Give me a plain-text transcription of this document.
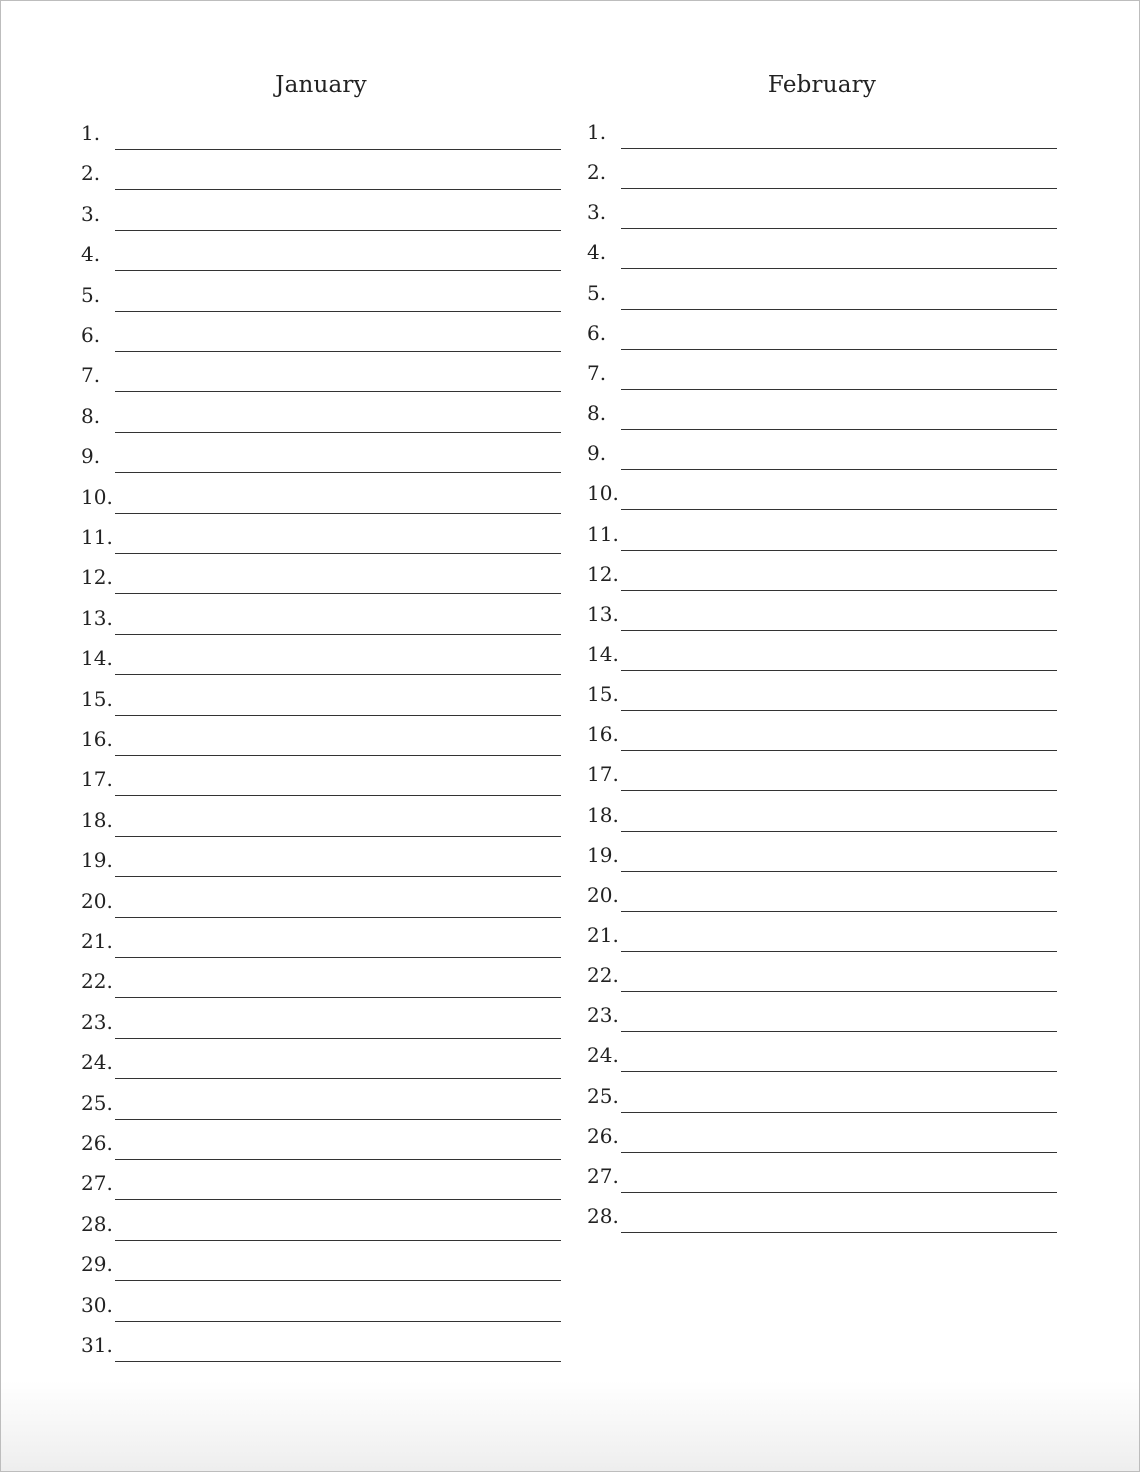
January	February
1.
2.
3.
4.
5.
6.
7.
8.
9.
10.
11.
12.
13.
14.
15.
16.
17.
18.
19.
20.
21.
22.
23.
24.
25.
26.
27.
28.
29.
30.
31.
1.
2.
3.
4.
5.
6.
7.
8.
9.
10.
11.
12.
13.
14.
15.
16.
17.
18.
19.
20.
21.
22.
23.
24.
25.
26.
27.
28.
